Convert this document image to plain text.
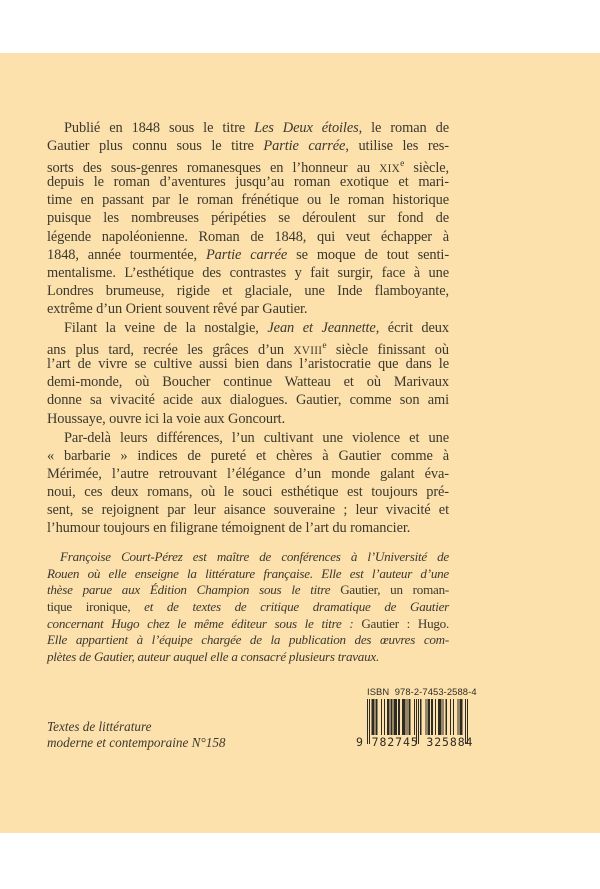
Publié en 1848 sous le titre Les Deux étoiles, le roman de
Gautier plus connu sous le titre Partie carrée, utilise les res-
sorts des sous-genres romanesques en l’honneur au XIXe siècle,
depuis le roman d’aventures jusqu’au roman exotique et mari-
time en passant par le roman frénétique ou le roman historique
puisque les nombreuses péripéties se déroulent sur fond de
légende napoléonienne. Roman de 1848, qui veut échapper à
1848, année tourmentée, Partie carrée se moque de tout senti-
mentalisme. L’esthétique des contrastes y fait surgir, face à une
Londres brumeuse, rigide et glaciale, une Inde flamboyante,
extrême d’un Orient souvent rêvé par Gautier.
Filant la veine de la nostalgie, Jean et Jeannette, écrit deux
ans plus tard, recrée les grâces d’un XVIIIe siècle finissant où
l’art de vivre se cultive aussi bien dans l’aristocratie que dans le
demi-monde, où Boucher continue Watteau et où Marivaux
donne sa vivacité acide aux dialogues. Gautier, comme son ami
Houssaye, ouvre ici la voie aux Goncourt.
Par-delà leurs différences, l’un cultivant une violence et une
« barbarie » indices de pureté et chères à Gautier comme à
Mérimée, l’autre retrouvant l’élégance d’un monde galant éva-
noui, ces deux romans, où le souci esthétique est toujours pré-
sent, se rejoignent par leur aisance souveraine ; leur vivacité et
l’humour toujours en filigrane témoignent de l’art du romancier.
Françoise Court-Pérez est maître de conférences à l’Université de
Rouen où elle enseigne la littérature française. Elle est l’auteur d’une
thèse parue aux Édition Champion sous le titre Gautier, un roman-
tique ironique, et de textes de critique dramatique de Gautier
concernant Hugo chez le même éditeur sous le titre : Gautier : Hugo.
Elle appartient à l’équipe chargée de la publication des œuvres com-
plètes de Gautier, auteur auquel elle a consacré plusieurs travaux.
Textes de littérature
moderne et contemporaine N°158
ISBN  978-2-7453-2588-4
9 782745 325884
